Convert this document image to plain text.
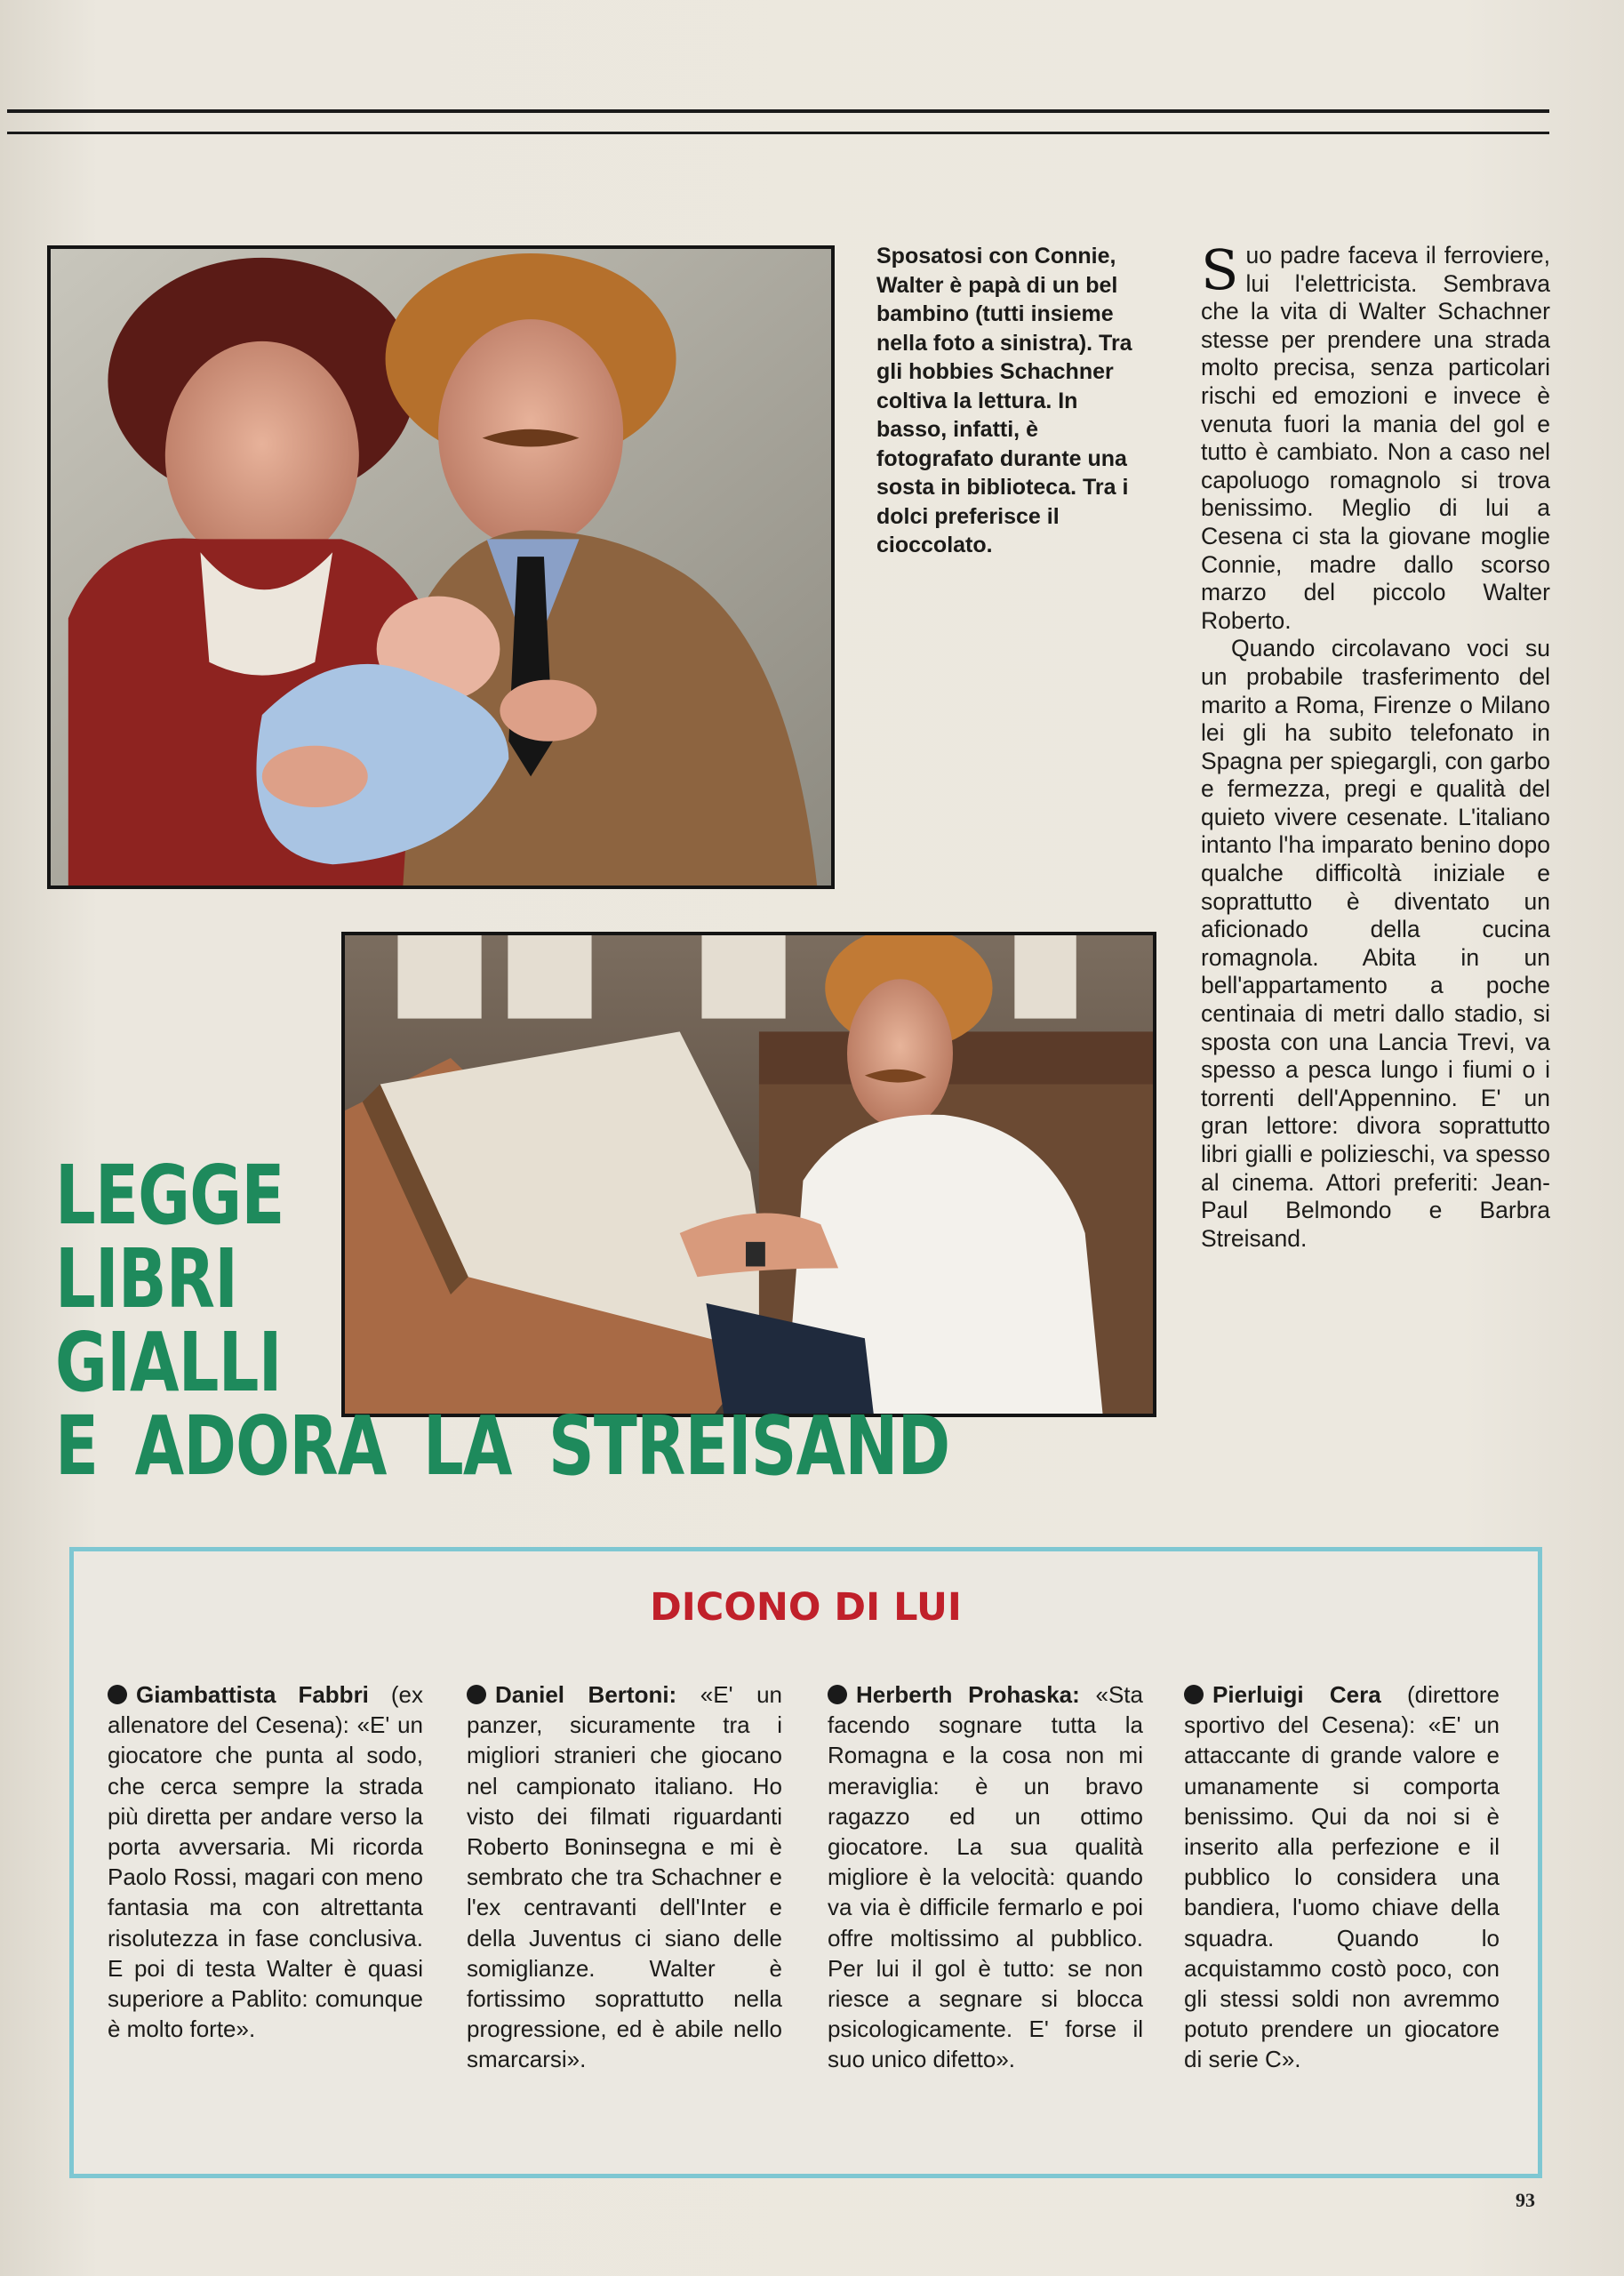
Sposatosi con Connie, Walter è papà di un bel bambino (tutti insieme nella foto a sinistra). Tra gli hobbies Schachner coltiva la lettura. In basso, infatti, è fotografato durante una sosta in biblioteca. Tra i dolci preferisce il cioccolato.

Suo padre faceva il ferroviere, lui l'elettricista. Sembrava che la vita di Walter Schachner stesse per prendere una strada molto precisa, senza particolari rischi ed emozioni e invece è venuta fuori la mania del gol e tutto è cambiato. Non a caso nel capoluogo romagnolo si trova benissimo. Meglio di lui a Cesena ci sta la giovane moglie Connie, madre dallo scorso marzo del piccolo Walter Roberto.

Quando circolavano voci su un probabile trasferimento del marito a Roma, Firenze o Milano lei gli ha subito telefonato in Spagna per spiegargli, con garbo e fermezza, pregi e qualità del quieto vivere cesenate. L'italiano intanto l'ha imparato benino dopo qualche difficoltà iniziale e soprattutto è diventato un aficionado della cucina romagnola. Abita in un bell'appartamento a poche centinaia di metri dallo stadio, si sposta con una Lancia Trevi, va spesso a pesca lungo i fiumi o i torrenti dell'Appennino. E' un gran lettore: divora soprattutto libri gialli e polizieschi, va spesso al cinema. Attori preferiti: Jean-Paul Belmondo e Barbra Streisand.

LEGGE
LIBRI
GIALLI
E ADORA LA STREISAND
DICONO DI LUI
Giambattista Fabbri (ex allenatore del Cesena): «E' un giocatore che punta al sodo, che cerca sempre la strada più diretta per andare verso la porta avversaria. Mi ricorda Paolo Rossi, magari con meno fantasia ma con altrettanta risolutezza in fase conclusiva. E poi di testa Walter è quasi superiore a Pablito: comunque è molto forte».
Daniel Bertoni: «E' un panzer, sicuramente tra i migliori stranieri che giocano nel campionato italiano. Ho visto dei filmati riguardanti Roberto Boninsegna e mi è sembrato che tra Schachner e l'ex centravanti dell'Inter e della Juventus ci siano delle somiglianze. Walter è fortissimo soprattutto nella progressione, ed è abile nello smarcarsi».
Herberth Prohaska: «Sta facendo sognare tutta la Romagna e la cosa non mi meraviglia: è un bravo ragazzo ed un ottimo giocatore. La sua qualità migliore è la velocità: quando va via è difficile fermarlo e poi offre moltissimo al pubblico. Per lui il gol è tutto: se non riesce a segnare si blocca psicologicamente. E' forse il suo unico difetto».
Pierluigi Cera (direttore sportivo del Cesena): «E' un attaccante di grande valore e umanamente si comporta benissimo. Qui da noi si è inserito alla perfezione e il pubblico lo considera una bandiera, l'uomo chiave della squadra. Quando lo acquistammo costò poco, con gli stessi soldi non avremmo potuto prendere un giocatore di serie C».
93
